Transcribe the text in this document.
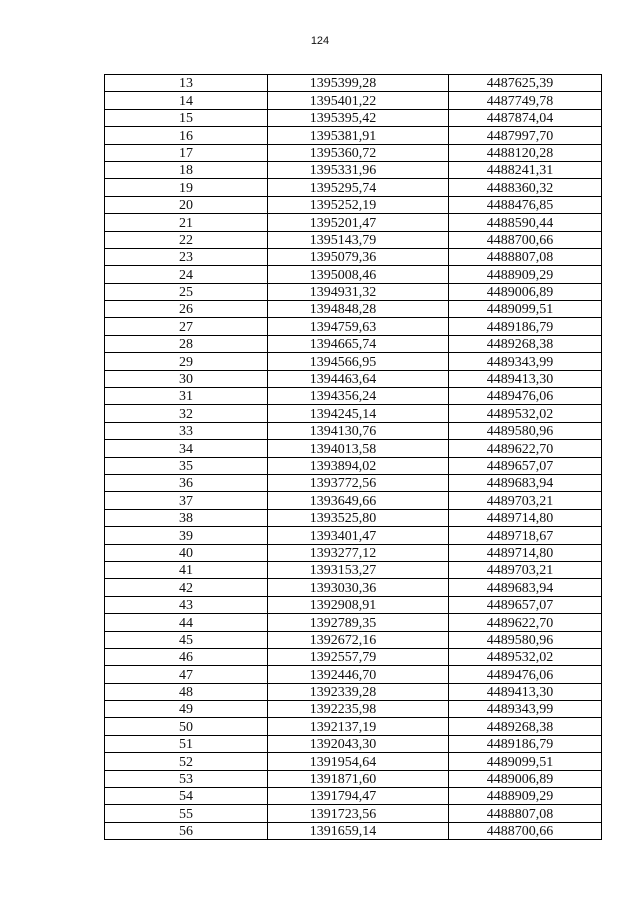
124
13	1395399,28	4487625,39
14	1395401,22	4487749,78
15	1395395,42	4487874,04
16	1395381,91	4487997,70
17	1395360,72	4488120,28
18	1395331,96	4488241,31
19	1395295,74	4488360,32
20	1395252,19	4488476,85
21	1395201,47	4488590,44
22	1395143,79	4488700,66
23	1395079,36	4488807,08
24	1395008,46	4488909,29
25	1394931,32	4489006,89
26	1394848,28	4489099,51
27	1394759,63	4489186,79
28	1394665,74	4489268,38
29	1394566,95	4489343,99
30	1394463,64	4489413,30
31	1394356,24	4489476,06
32	1394245,14	4489532,02
33	1394130,76	4489580,96
34	1394013,58	4489622,70
35	1393894,02	4489657,07
36	1393772,56	4489683,94
37	1393649,66	4489703,21
38	1393525,80	4489714,80
39	1393401,47	4489718,67
40	1393277,12	4489714,80
41	1393153,27	4489703,21
42	1393030,36	4489683,94
43	1392908,91	4489657,07
44	1392789,35	4489622,70
45	1392672,16	4489580,96
46	1392557,79	4489532,02
47	1392446,70	4489476,06
48	1392339,28	4489413,30
49	1392235,98	4489343,99
50	1392137,19	4489268,38
51	1392043,30	4489186,79
52	1391954,64	4489099,51
53	1391871,60	4489006,89
54	1391794,47	4488909,29
55	1391723,56	4488807,08
56	1391659,14	4488700,66
